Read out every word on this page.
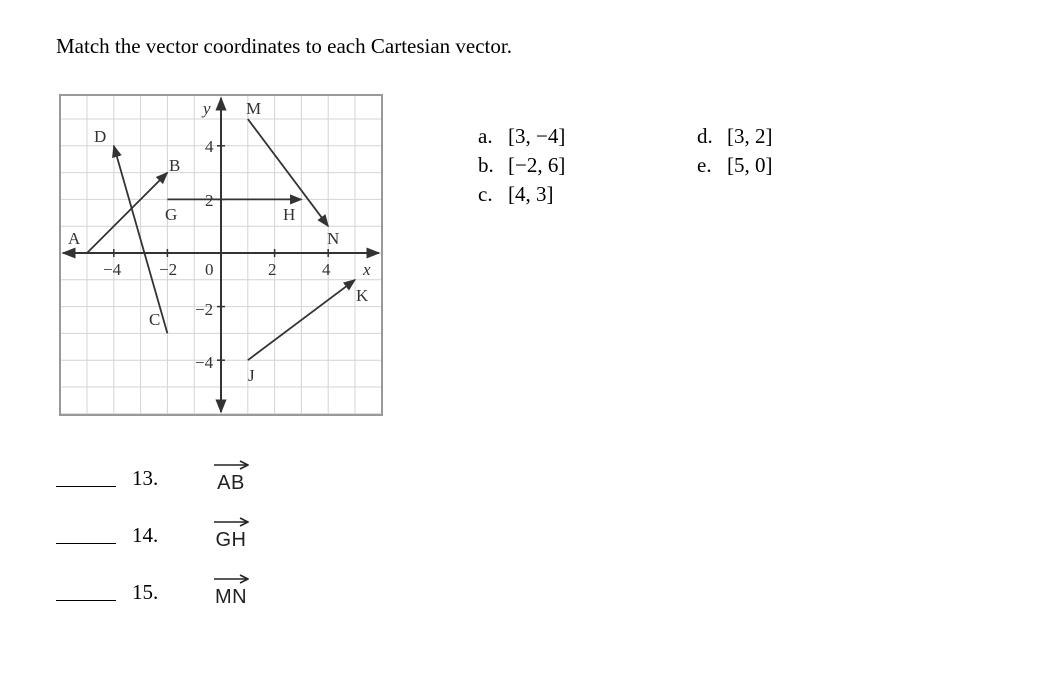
Match the vector coordinates to each Cartesian vector.
−4 −2 0	2	4
4
2
−2
−4
x
y
A
B
C
D
G	H
J
K
M
N
a. [3, −4]
b. [−2, 6]
c. [4, 3]
d. [3, 2]
e. [5, 0]
13.	AB
14.	GH
15.	MN
